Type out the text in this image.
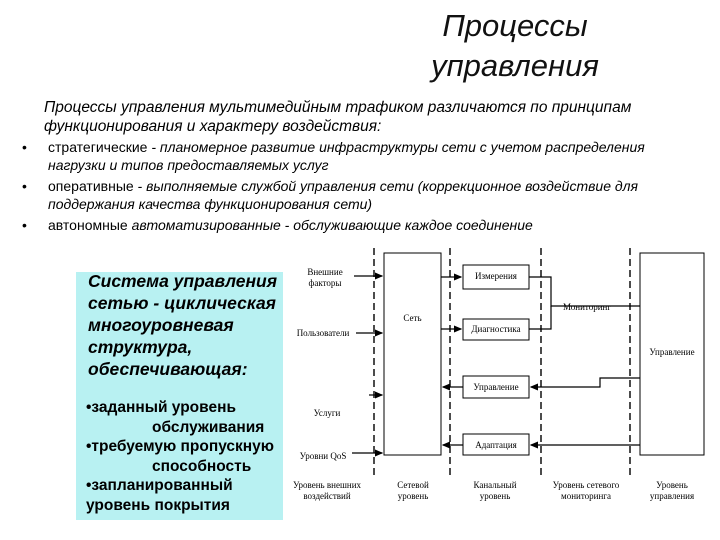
Процессы
управления
Процессы управления мультимедийным трафиком различаются по принципам функционирования и характеру воздействия:
• стратегические - планомерное развитие инфраструктуры сети с учетом распределения нагрузки и типов предоставляемых услуг
• оперативные - выполняемые службой управления сети (коррекционное воздействие для поддержания качества функционирования сети)
• автономные автоматизированные - обслуживающие каждое соединение
Система управления сетью - циклическая многоуровневая структура, обеспечивающая:
•заданный уровень
обслуживания
•требуемую пропускную
способность
•запланированный
уровень покрытия
Внешние факторы
Пользователи
Услуги
Уровни QoS
Сеть
Измерения
Мониторинг
Диагностика
Управление
Управление
Адаптация
Уровень внешних воздействий
Сетевой уровень
Канальный уровень
Уровень сетевого мониторинга
Уровень управления
